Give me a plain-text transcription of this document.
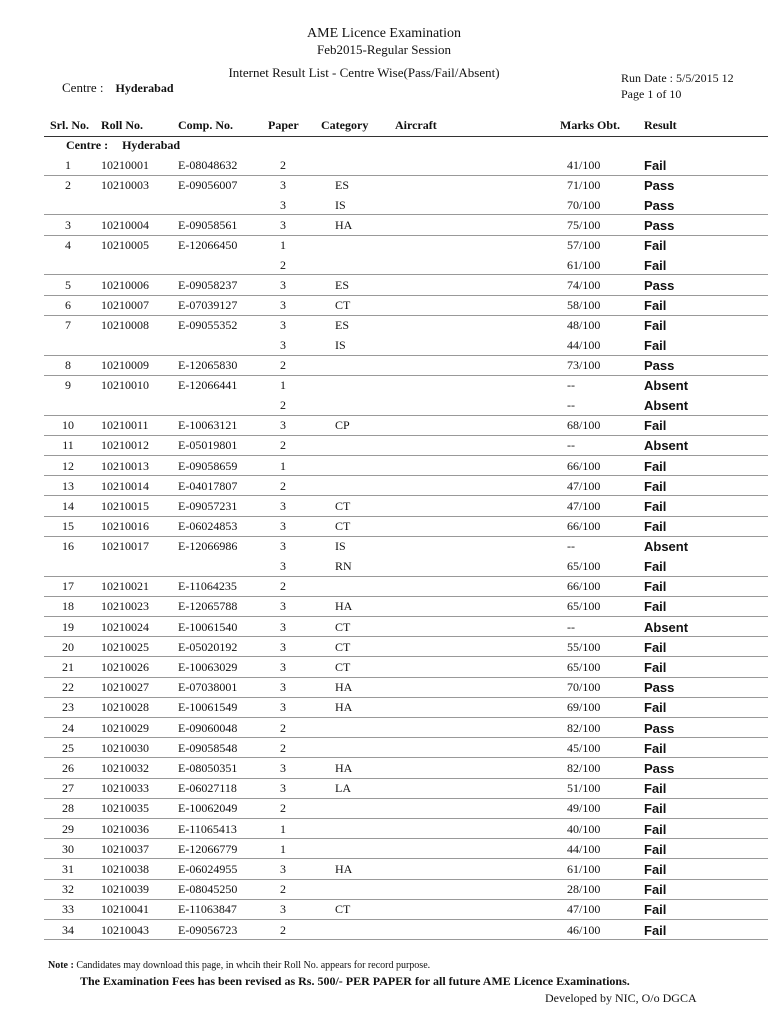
AME Licence Examination
Feb2015-Regular Session
Internet Result List - Centre Wise(Pass/Fail/Absent)
Centre : Hyderabad
Run Date : 5/5/2015 12
Page 1 of 10
Srl. No. Roll No.	Comp. No.	Paper Category Aircraft	Marks Obt. Result
Centre : Hyderabad
1	10210001 E-08048632	2	41/100	Fail
2	10210003 E-09056007	3	ES	71/100	Pass
3	IS	70/100	Pass
3	10210004 E-09058561	3	HA	75/100	Pass
4	10210005 E-12066450	1	57/100	Fail
2	61/100	Fail
5	10210006 E-09058237	3	ES	74/100	Pass
6	10210007 E-07039127	3	CT	58/100	Fail
7	10210008 E-09055352	3	ES	48/100	Fail
3	IS	44/100	Fail
8	10210009 E-12065830	2	73/100	Pass
9	10210010 E-12066441	1	--	Absent
2	--	Absent
10	10210011 E-10063121	3	CP	68/100	Fail
11	10210012 E-05019801	2	--	Absent
12	10210013 E-09058659	1	66/100	Fail
13	10210014 E-04017807	2	47/100	Fail
14	10210015 E-09057231	3	CT	47/100	Fail
15	10210016 E-06024853	3	CT	66/100	Fail
16	10210017 E-12066986	3	IS	--	Absent
3	RN	65/100	Fail
17	10210021 E-11064235	2	66/100	Fail
18	10210023 E-12065788	3	HA	65/100	Fail
19	10210024 E-10061540	3	CT	--	Absent
20	10210025 E-05020192	3	CT	55/100	Fail
21	10210026 E-10063029	3	CT	65/100	Fail
22	10210027 E-07038001	3	HA	70/100	Pass
23	10210028 E-10061549	3	HA	69/100	Fail
24	10210029 E-09060048	2	82/100	Pass
25	10210030 E-09058548	2	45/100	Fail
26	10210032 E-08050351	3	HA	82/100	Pass
27	10210033 E-06027118	3	LA	51/100	Fail
28	10210035 E-10062049	2	49/100	Fail
29	10210036 E-11065413	1	40/100	Fail
30	10210037 E-12066779	1	44/100	Fail
31	10210038 E-06024955	3	HA	61/100	Fail
32	10210039 E-08045250	2	28/100	Fail
33	10210041 E-11063847	3	CT	47/100	Fail
34	10210043 E-09056723	2	46/100	Fail
Note : Candidates may download this page, in whcih their Roll No. appears for record purpose.
The Examination Fees has been revised as Rs. 500/- PER PAPER for all future AME Licence Examinations.
Developed by NIC, O/o DGCA
